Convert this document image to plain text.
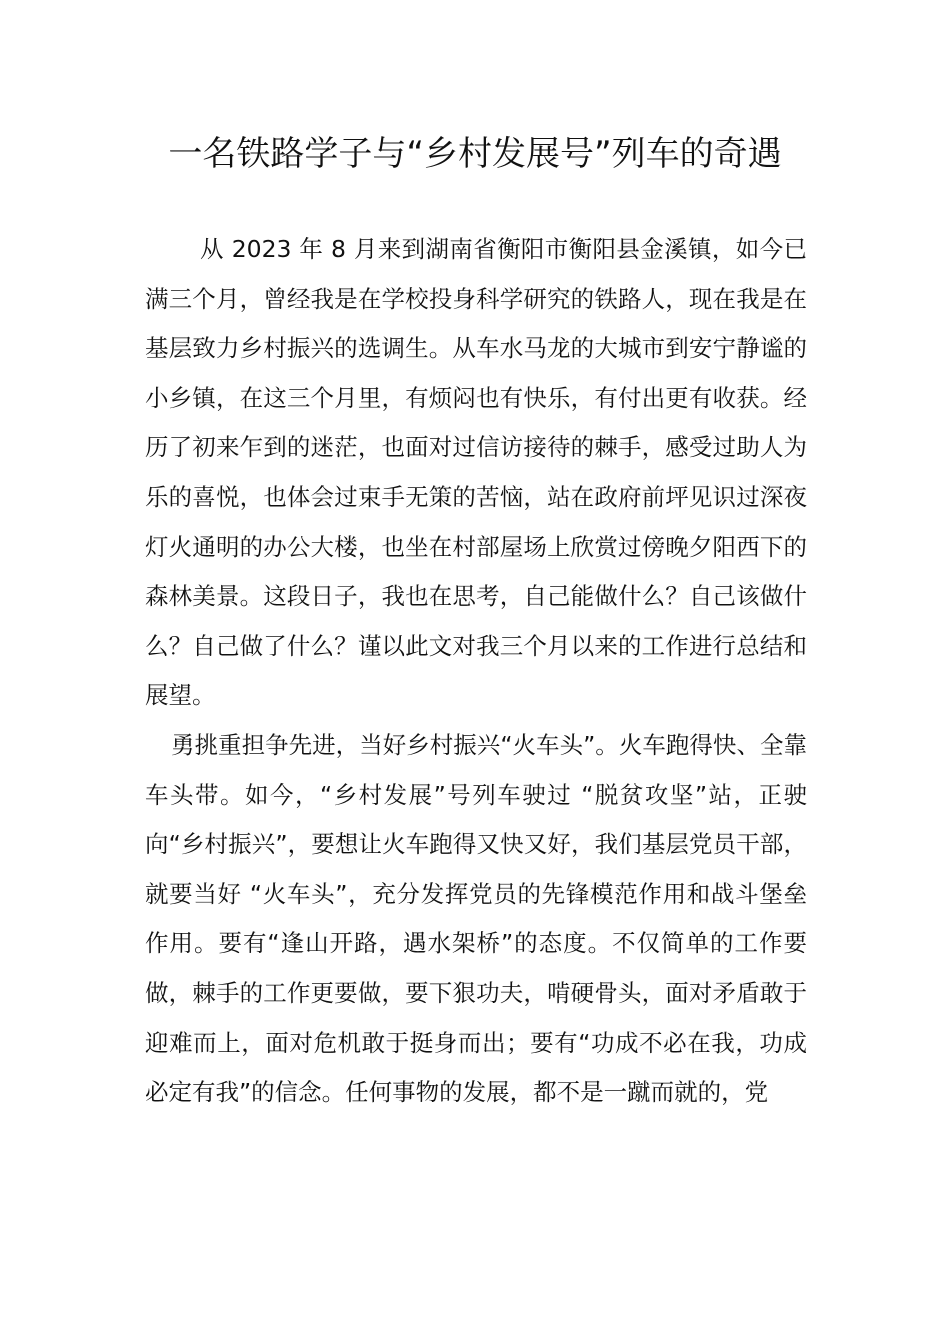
一名铁路学子与“乡村发展号”列车的奇遇

从 2023 年 8 月来到湖南省衡阳市衡阳县金溪镇，如今已满三个月，曾经我是在学校投身科学研究的铁路人，现在我是在基层致力乡村振兴的选调生。从车水马龙的大城市到安宁静谧的小乡镇，在这三个月里，有烦闷也有快乐，有付出更有收获。经历了初来乍到的迷茫，也面对过信访接待的棘手，感受过助人为乐的喜悦，也体会过束手无策的苦恼，站在政府前坪见识过深夜灯火通明的办公大楼，也坐在村部屋场上欣赏过傍晚夕阳西下的森林美景。这段日子，我也在思考，自己能做什么？自己该做什么？自己做了什么？谨以此文对我三个月以来的工作进行总结和展望。

勇挑重担争先进，当好乡村振兴“火车头”。火车跑得快、全靠车头带。如今，“乡村发展”号列车驶过 “脱贫攻坚”站，正驶向“乡村振兴”，要想让火车跑得又快又好，我们基层党员干部，就要当好 “火车头”，充分发挥党员的先锋模范作用和战斗堡垒作用。要有“逢山开路，遇水架桥”的态度。不仅简单的工作要做，棘手的工作更要做，要下狠功夫，啃硬骨头，面对矛盾敢于迎难而上，面对危机敢于挺身而出；要有“功成不必在我，功成必定有我”的信念。任何事物的发展，都不是一蹴而就的，党
